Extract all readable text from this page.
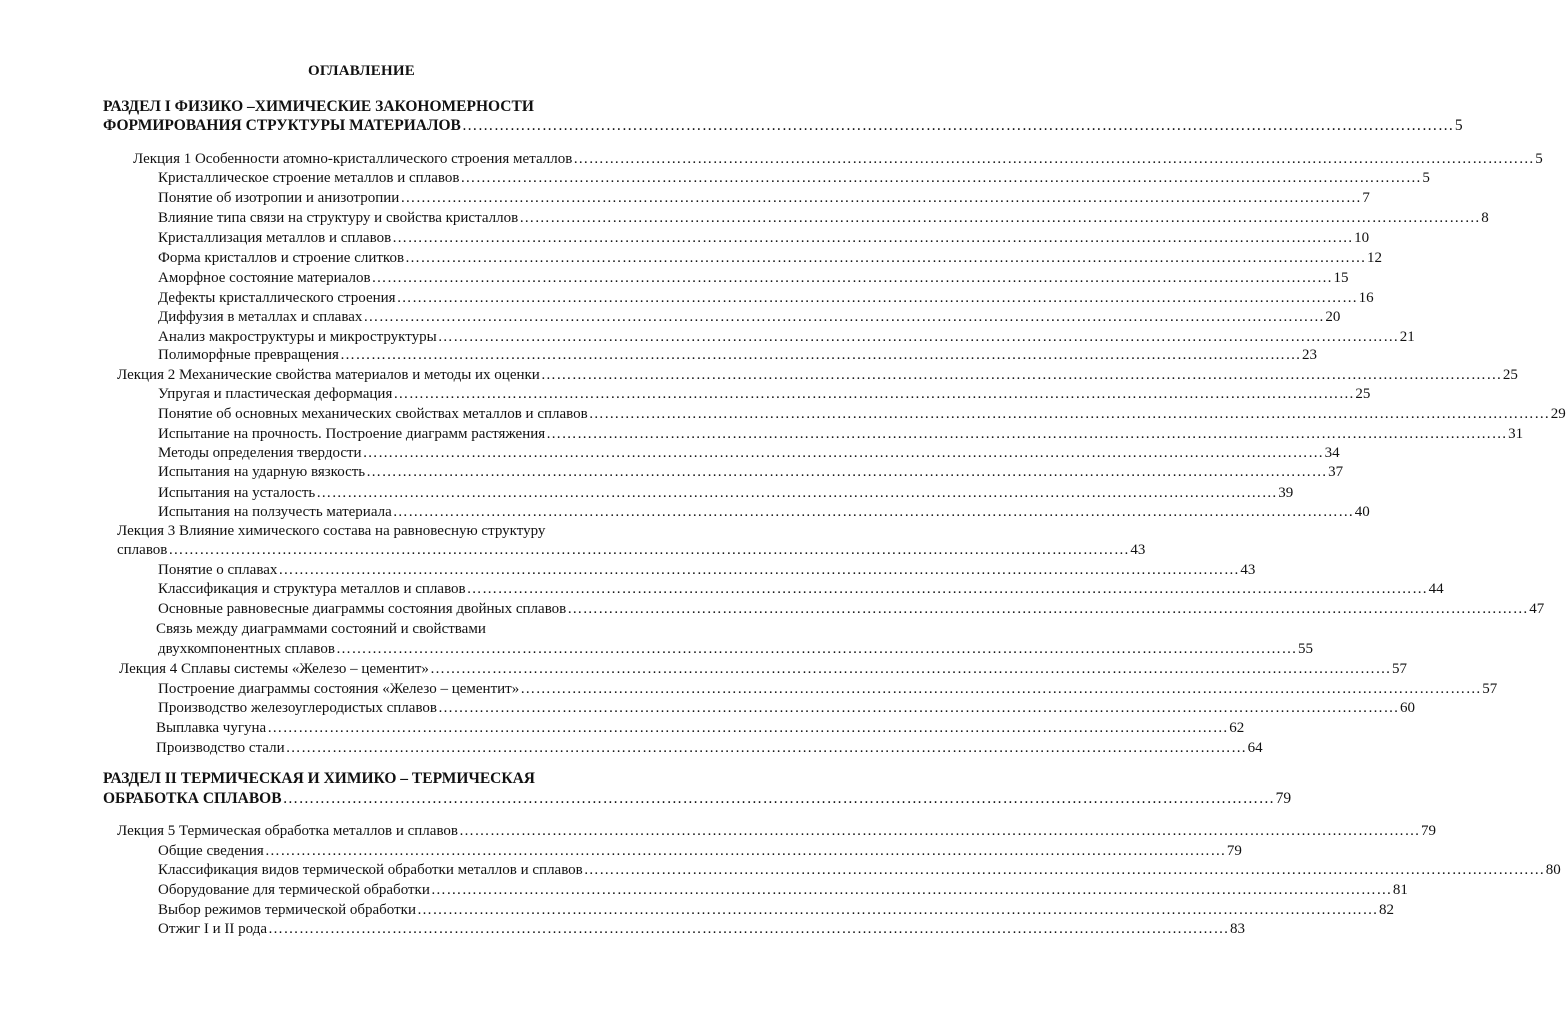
ОГЛАВЛЕНИЕ
РАЗДЕЛ I ФИЗИКО –ХИМИЧЕСКИЕ ЗАКОНОМЕРНОСТИ
ФОРМИРОВАНИЯ СТРУКТУРЫ МАТЕРИАЛОВ …………………………………………………………………………………………………………………………………………………………………… 5
Лекция 1 Особенности атомно-кристаллического строения металлов …………………………………………………………………………………………………………………………………………………………………… 5
Кристаллическое строение металлов и сплавов …………………………………………………………………………………………………………………………………………………………………… 5
Понятие об изотропии и анизотропии …………………………………………………………………………………………………………………………………………………………………… 7
Влияние типа связи на структуру и свойства кристаллов …………………………………………………………………………………………………………………………………………………………………… 8
Кристаллизация металлов и сплавов …………………………………………………………………………………………………………………………………………………………………… 10
Форма кристаллов и строение слитков …………………………………………………………………………………………………………………………………………………………………… 12
Аморфное состояние материалов …………………………………………………………………………………………………………………………………………………………………… 15
Дефекты кристаллического строения …………………………………………………………………………………………………………………………………………………………………… 16
Диффузия в металлах и сплавах …………………………………………………………………………………………………………………………………………………………………… 20
Анализ макроструктуры и микроструктуры …………………………………………………………………………………………………………………………………………………………………… 21
Полиморфные превращения …………………………………………………………………………………………………………………………………………………………………… 23
Лекция 2 Механические свойства материалов и методы их оценки …………………………………………………………………………………………………………………………………………………………………… 25
Упругая и пластическая деформация …………………………………………………………………………………………………………………………………………………………………… 25
Понятие об основных механических свойствах металлов и сплавов …………………………………………………………………………………………………………………………………………………………………… 29
Испытание на прочность. Построение диаграмм растяжения …………………………………………………………………………………………………………………………………………………………………… 31
Методы определения твердости …………………………………………………………………………………………………………………………………………………………………… 34
Испытания на ударную вязкость …………………………………………………………………………………………………………………………………………………………………… 37
Испытания на усталость …………………………………………………………………………………………………………………………………………………………………… 39
Испытания на ползучесть материала …………………………………………………………………………………………………………………………………………………………………… 40
Лекция 3 Влияние химического состава на равновесную структуру
сплавов …………………………………………………………………………………………………………………………………………………………………… 43
Понятие о сплавах …………………………………………………………………………………………………………………………………………………………………… 43
Классификация и структура металлов и сплавов …………………………………………………………………………………………………………………………………………………………………… 44
Основные равновесные диаграммы состояния двойных сплавов …………………………………………………………………………………………………………………………………………………………………… 47
Связь между диаграммами состояний и свойствами
двухкомпонентных сплавов …………………………………………………………………………………………………………………………………………………………………… 55
Лекция 4 Сплавы системы «Железо – цементит» …………………………………………………………………………………………………………………………………………………………………… 57
Построение диаграммы состояния «Железо – цементит» …………………………………………………………………………………………………………………………………………………………………… 57
Производство железоуглеродистых сплавов …………………………………………………………………………………………………………………………………………………………………… 60
Выплавка чугуна …………………………………………………………………………………………………………………………………………………………………… 62
Производство стали …………………………………………………………………………………………………………………………………………………………………… 64
РАЗДЕЛ II ТЕРМИЧЕСКАЯ И ХИМИКО – ТЕРМИЧЕСКАЯ
ОБРАБОТКА СПЛАВОВ …………………………………………………………………………………………………………………………………………………………………… 79
Лекция 5 Термическая обработка металлов и сплавов …………………………………………………………………………………………………………………………………………………………………… 79
Общие сведения …………………………………………………………………………………………………………………………………………………………………… 79
Классификация видов термической обработки металлов и сплавов …………………………………………………………………………………………………………………………………………………………………… 80
Оборудование для термической обработки …………………………………………………………………………………………………………………………………………………………………… 81
Выбор режимов термической обработки …………………………………………………………………………………………………………………………………………………………………… 82
Отжиг I и II рода …………………………………………………………………………………………………………………………………………………………………… 83
